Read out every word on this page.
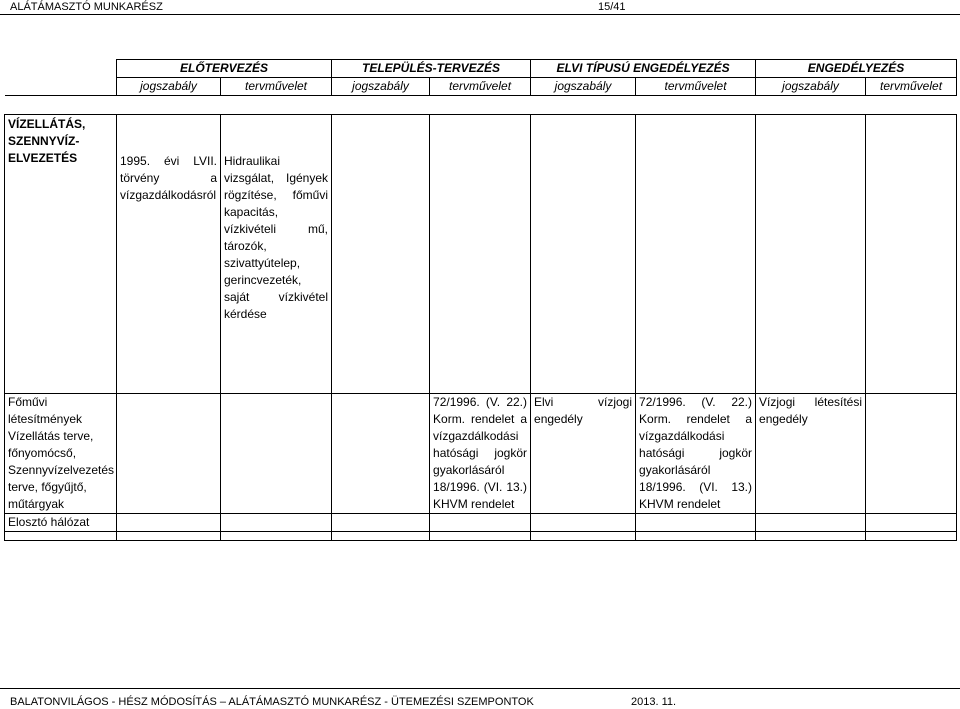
ALÁTÁMASZTÓ MUNKARÉSZ	15/41
	ELŐTERVEZÉS		TELEPÜLÉS-TERVEZÉS		ELVI TÍPUSÚ ENGEDÉLYEZÉS		ENGEDÉLYEZÉS	
	jogszabály	tervművelet	jogszabály	tervművelet	jogszabály	tervművelet	jogszabály	tervművelet

VÍZELLÁTÁS, SZENNYVÍZ-ELVEZETÉS	1995. évi LVII. törvény a vízgazdálkodásról	Hidraulikai vizsgálat, Igények rögzítése, főművi kapacitás, vízkivételi mű, tározók, szivattyútelep, gerincvezeték, saját vízkivétel kérdése						

Főművi létesítmények Vízellátás terve, főnyomócső, Szennyvízelvezetés terve, főgyűjtő, műtárgyak				72/1996. (V. 22.) Korm. rendelet a vízgazdálkodási hatósági jogkör gyakorlásáról 18/1996. (VI. 13.) KHVM rendelet	Elvi vízjogi engedély	72/1996. (V. 22.) Korm. rendelet a vízgazdálkodási hatósági jogkör gyakorlásáról 18/1996. (VI. 13.) KHVM rendelet	Vízjogi létesítési engedély	

Elosztó hálózat								

BALATONVILÁGOS - HÉSZ MÓDOSÍTÁS – ALÁTÁMASZTÓ MUNKARÉSZ - ÜTEMEZÉSI SZEMPONTOK	2013. 11.
